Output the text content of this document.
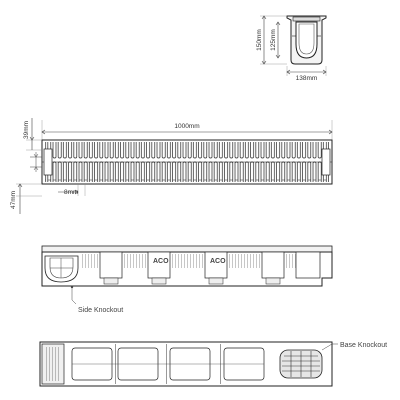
150mm 125mm
138mm
1000mm
39mm
8mm
47mm
ACO	ACO
Side Knockout
Base Knockout
